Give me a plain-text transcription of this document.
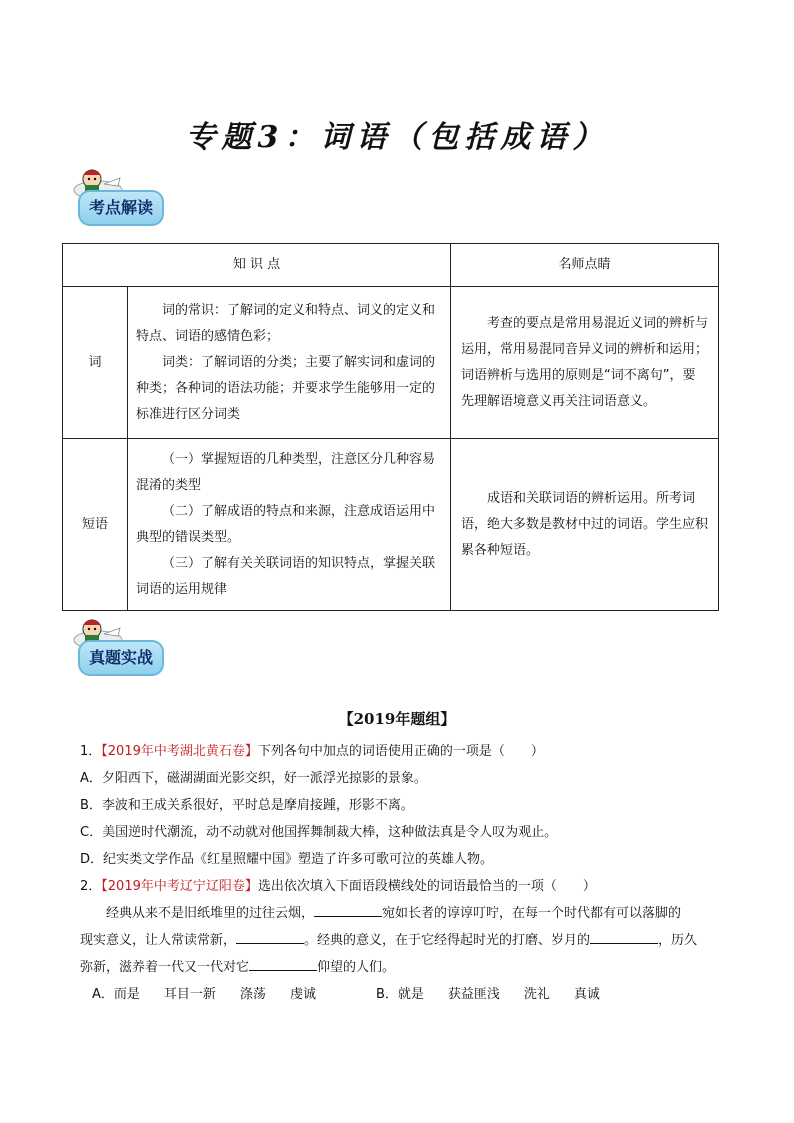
专题3：词语（包括成语）
考点解读
知 识 点		名师点睛
词	词的常识：了解词的定义和特点、词义的定义和特点、词语的感情色彩；

词类：了解词语的分类；主要了解实词和虚词的种类；各种词的语法功能；并要求学生能够用一定的标准进行区分词类	考查的要点是常用易混近义词的辨析与运用，常用易混同音异义词的辨析和运用；词语辨析与选用的原则是“词不离句”，要先理解语境意义再关注词语意义。

短语	（一）掌握短语的几种类型，注意区分几种容易混淆的类型

（二）了解成语的特点和来源，注意成语运用中典型的错误类型。

（三）了解有关关联词语的知识特点，掌握关联词语的运用规律	成语和关联词语的辨析运用。所考词语，绝大多数是教材中过的词语。学生应积累各种短语。

真题实战
【2019年题组】
1．【2019年中考湖北黄石卷】下列各句中加点的词语使用正确的一项是（　　）
A．夕阳西下，磁湖湖面光影交织，好一派浮光掠影的景象。
B．李波和王成关系很好，平时总是摩肩接踵，形影不离。
C．美国逆时代潮流，动不动就对他国挥舞制裁大棒，这种做法真是令人叹为观止。
D．纪实类文学作品《红星照耀中国》塑造了许多可歌可泣的英雄人物。
2．【2019年中考辽宁辽阳卷】选出依次填入下面语段横线处的词语最恰当的一项（　　）
经典从来不是旧纸堆里的过往云烟，	宛如长者的谆谆叮咛，在每一个时代都有可以落脚的
现实意义，让人常读常新，	。经典的意义，在于它经得起时光的打磨、岁月的	，历久
弥新，滋养着一代又一代对它	仰望的人们。
A．而是 耳目一新 涤荡 虔诚	B．就是 获益匪浅 洗礼 真诚
